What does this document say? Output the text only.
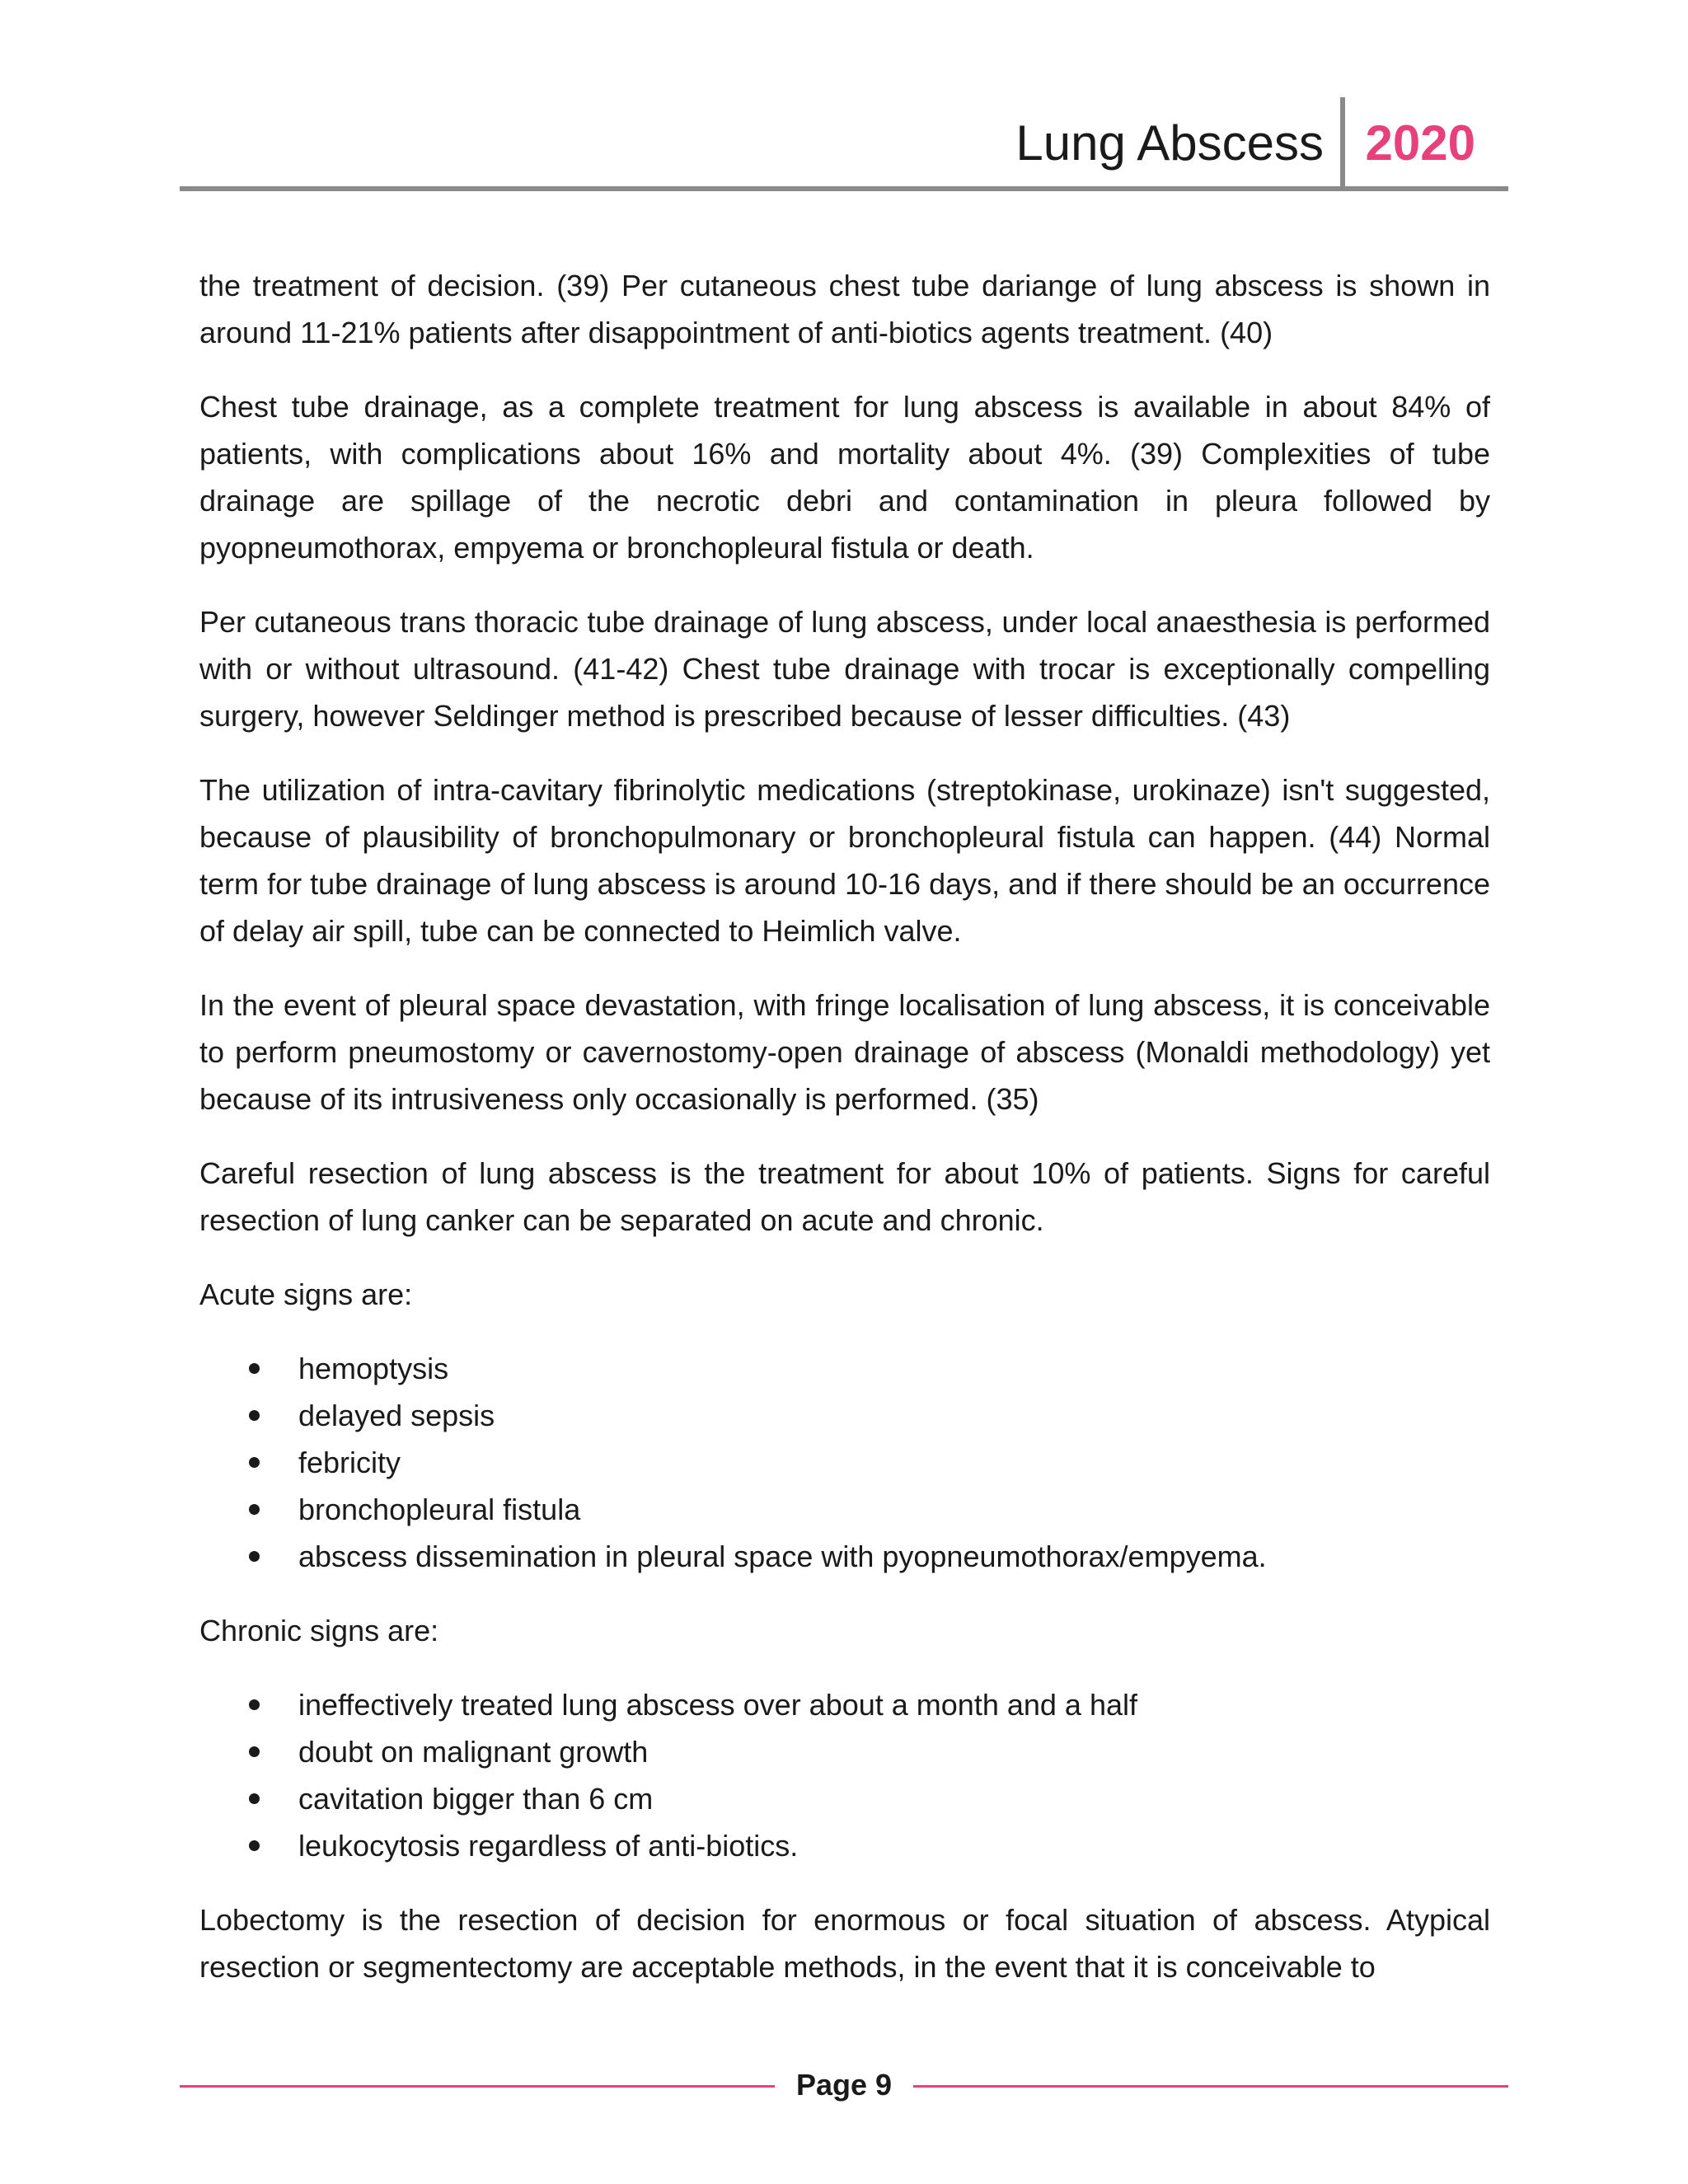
Lung Abscess 2020

the treatment of decision. (39) Per cutaneous chest tube dariange of lung abscess is shown in around 11-21% patients after disappointment of anti-biotics agents treatment. (40)

Chest tube drainage, as a complete treatment for lung abscess is available in about 84% of patients, with complications about 16% and mortality about 4%. (39) Complexities of tube drainage are spillage of the necrotic debri and contamination in pleura followed by pyopneumothorax, empyema or bronchopleural fistula or death.

Per cutaneous trans thoracic tube drainage of lung abscess, under local anaesthesia is performed with or without ultrasound. (41-42) Chest tube drainage with trocar is exceptionally compelling surgery, however Seldinger method is prescribed because of lesser difficulties. (43)

The utilization of intra-cavitary fibrinolytic medications (streptokinase, urokinaze) isn't suggested, because of plausibility of bronchopulmonary or bronchopleural fistula can happen. (44) Normal term for tube drainage of lung abscess is around 10-16 days, and if there should be an occurrence of delay air spill, tube can be connected to Heimlich valve.

In the event of pleural space devastation, with fringe localisation of lung abscess, it is conceivable to perform pneumostomy or cavernostomy-open drainage of abscess (Monaldi methodology) yet because of its intrusiveness only occasionally is performed. (35)

Careful resection of lung abscess is the treatment for about 10% of patients. Signs for careful resection of lung canker can be separated on acute and chronic.

Acute signs are:

hemoptysis
delayed sepsis
febricity
bronchopleural fistula
abscess dissemination in pleural space with pyopneumothorax/empyema.

Chronic signs are:

ineffectively treated lung abscess over about a month and a half
doubt on malignant growth
cavitation bigger than 6 cm
leukocytosis regardless of anti-biotics.

Lobectomy is the resection of decision for enormous or focal situation of abscess. Atypical resection or segmentectomy are acceptable methods, in the event that it is conceivable to

Page 9
